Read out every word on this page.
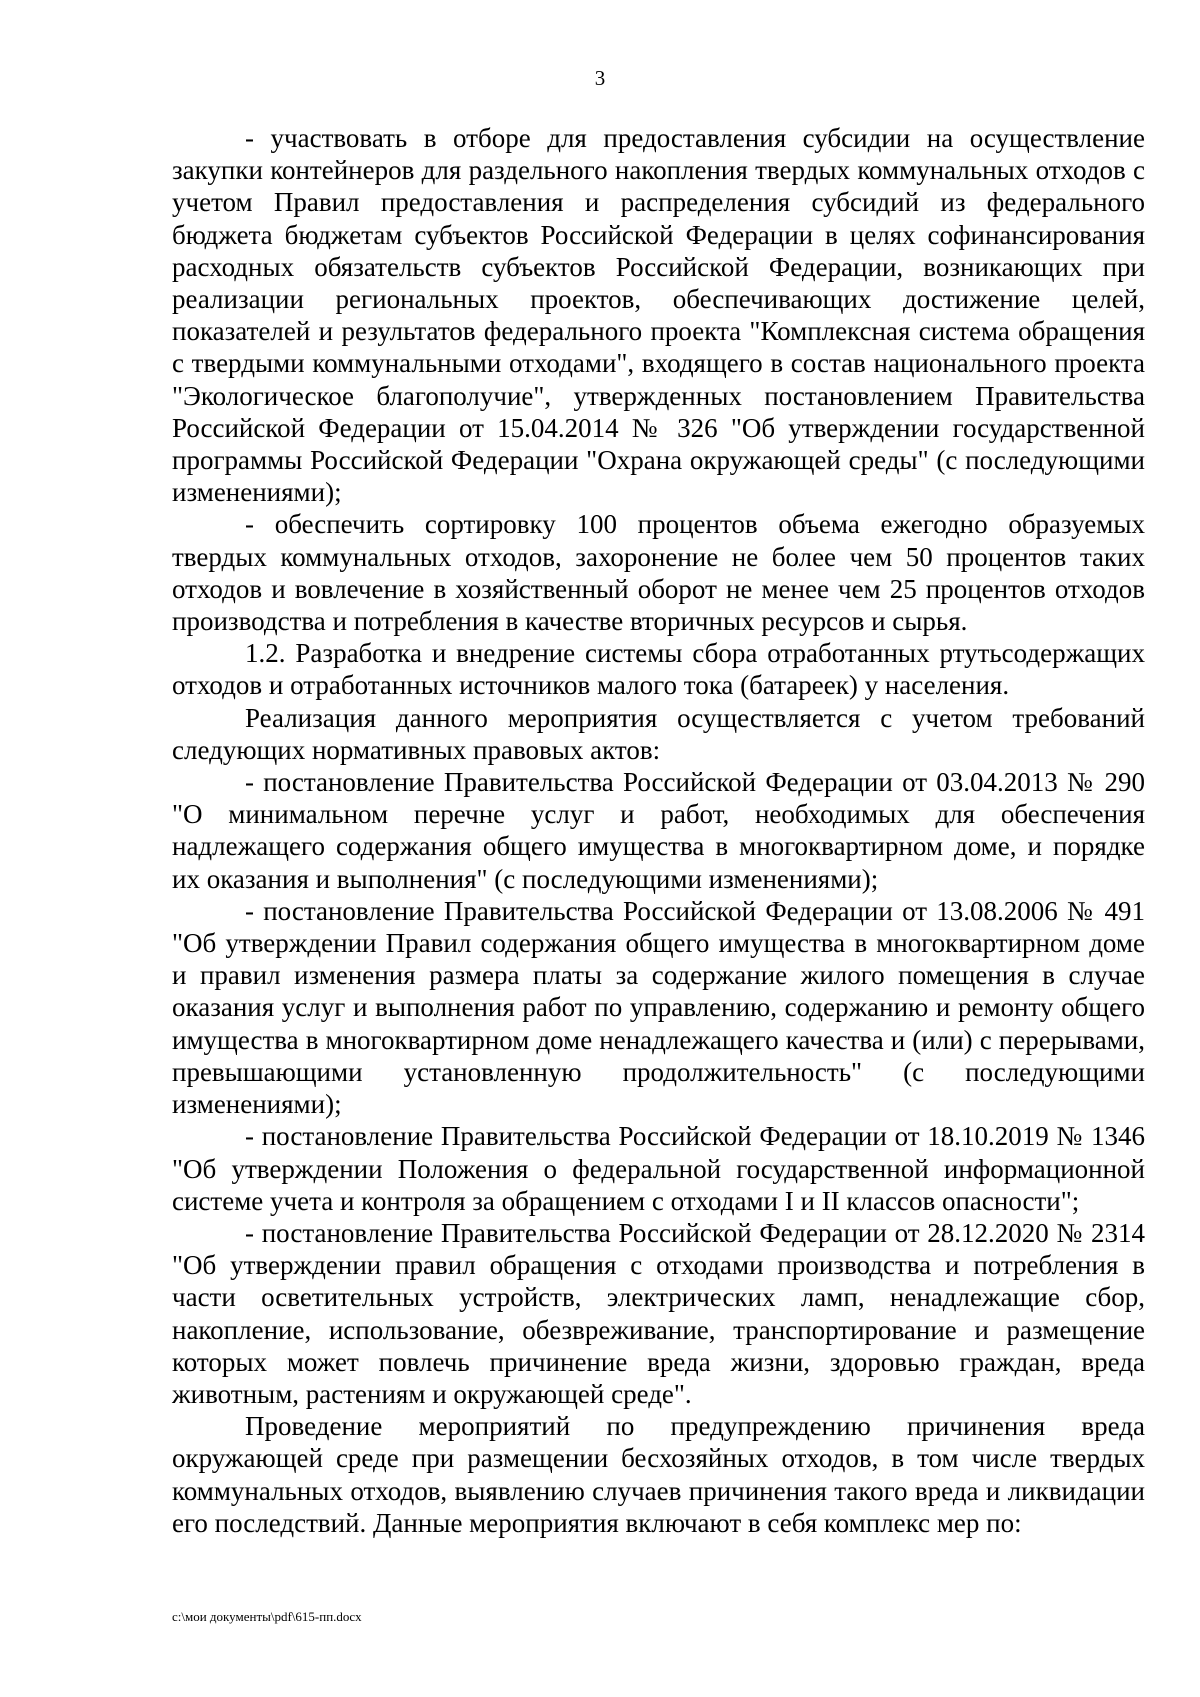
3

- участвовать в отборе для предоставления субсидии на осуществление закупки контейнеров для раздельного накопления твердых коммунальных отходов с учетом Правил предоставления и распределения субсидий из федерального бюджета бюджетам субъектов Российской Федерации в целях софинансирования расходных обязательств субъектов Российской Федерации, возникающих при реализации региональных проектов, обеспечивающих достижение целей, показателей и результатов федерального проекта "Комплексная система обращения с твердыми коммунальными отходами", входящего в состав национального проекта "Экологическое благополучие", утвержденных постановлением Правительства Российской Федерации от 15.04.2014 № 326 "Об утверждении государственной программы Российской Федерации "Охрана окружающей среды" (с последующими изменениями);

- обеспечить сортировку 100 процентов объема ежегодно образуемых твердых коммунальных отходов, захоронение не более чем 50 процентов таких отходов и вовлечение в хозяйственный оборот не менее чем 25 процентов отходов производства и потребления в качестве вторичных ресурсов и сырья.

1.2. Разработка и внедрение системы сбора отработанных ртутьсодержащих отходов и отработанных источников малого тока (батареек) у населения.

Реализация данного мероприятия осуществляется с учетом требований следующих нормативных правовых актов:

- постановление Правительства Российской Федерации от 03.04.2013 № 290 "О минимальном перечне услуг и работ, необходимых для обеспечения надлежащего содержания общего имущества в многоквартирном доме, и порядке их оказания и выполнения" (с последующими изменениями);

- постановление Правительства Российской Федерации от 13.08.2006 № 491 "Об утверждении Правил содержания общего имущества в многоквартирном доме и правил изменения размера платы за содержание жилого помещения в случае оказания услуг и выполнения работ по управлению, содержанию и ремонту общего имущества в многоквартирном доме ненадлежащего качества и (или) с перерывами, превышающими установленную продолжительность" (с последующими изменениями);

- постановление Правительства Российской Федерации от 18.10.2019 № 1346 "Об утверждении Положения о федеральной государственной информационной системе учета и контроля за обращением с отходами I и II классов опасности";

- постановление Правительства Российской Федерации от 28.12.2020 № 2314 "Об утверждении правил обращения с отходами производства и потребления в части осветительных устройств, электрических ламп, ненадлежащие сбор, накопление, использование, обезвреживание, транспортирование и размещение которых может повлечь причинение вреда жизни, здоровью граждан, вреда животным, растениям и окружающей среде".

Проведение мероприятий по предупреждению причинения вреда окружающей среде при размещении бесхозяйных отходов, в том числе твердых коммунальных отходов, выявлению случаев причинения такого вреда и ликвидации его последствий. Данные мероприятия включают в себя комплекс мер по:

c:\мои документы\pdf\615-пп.docx
